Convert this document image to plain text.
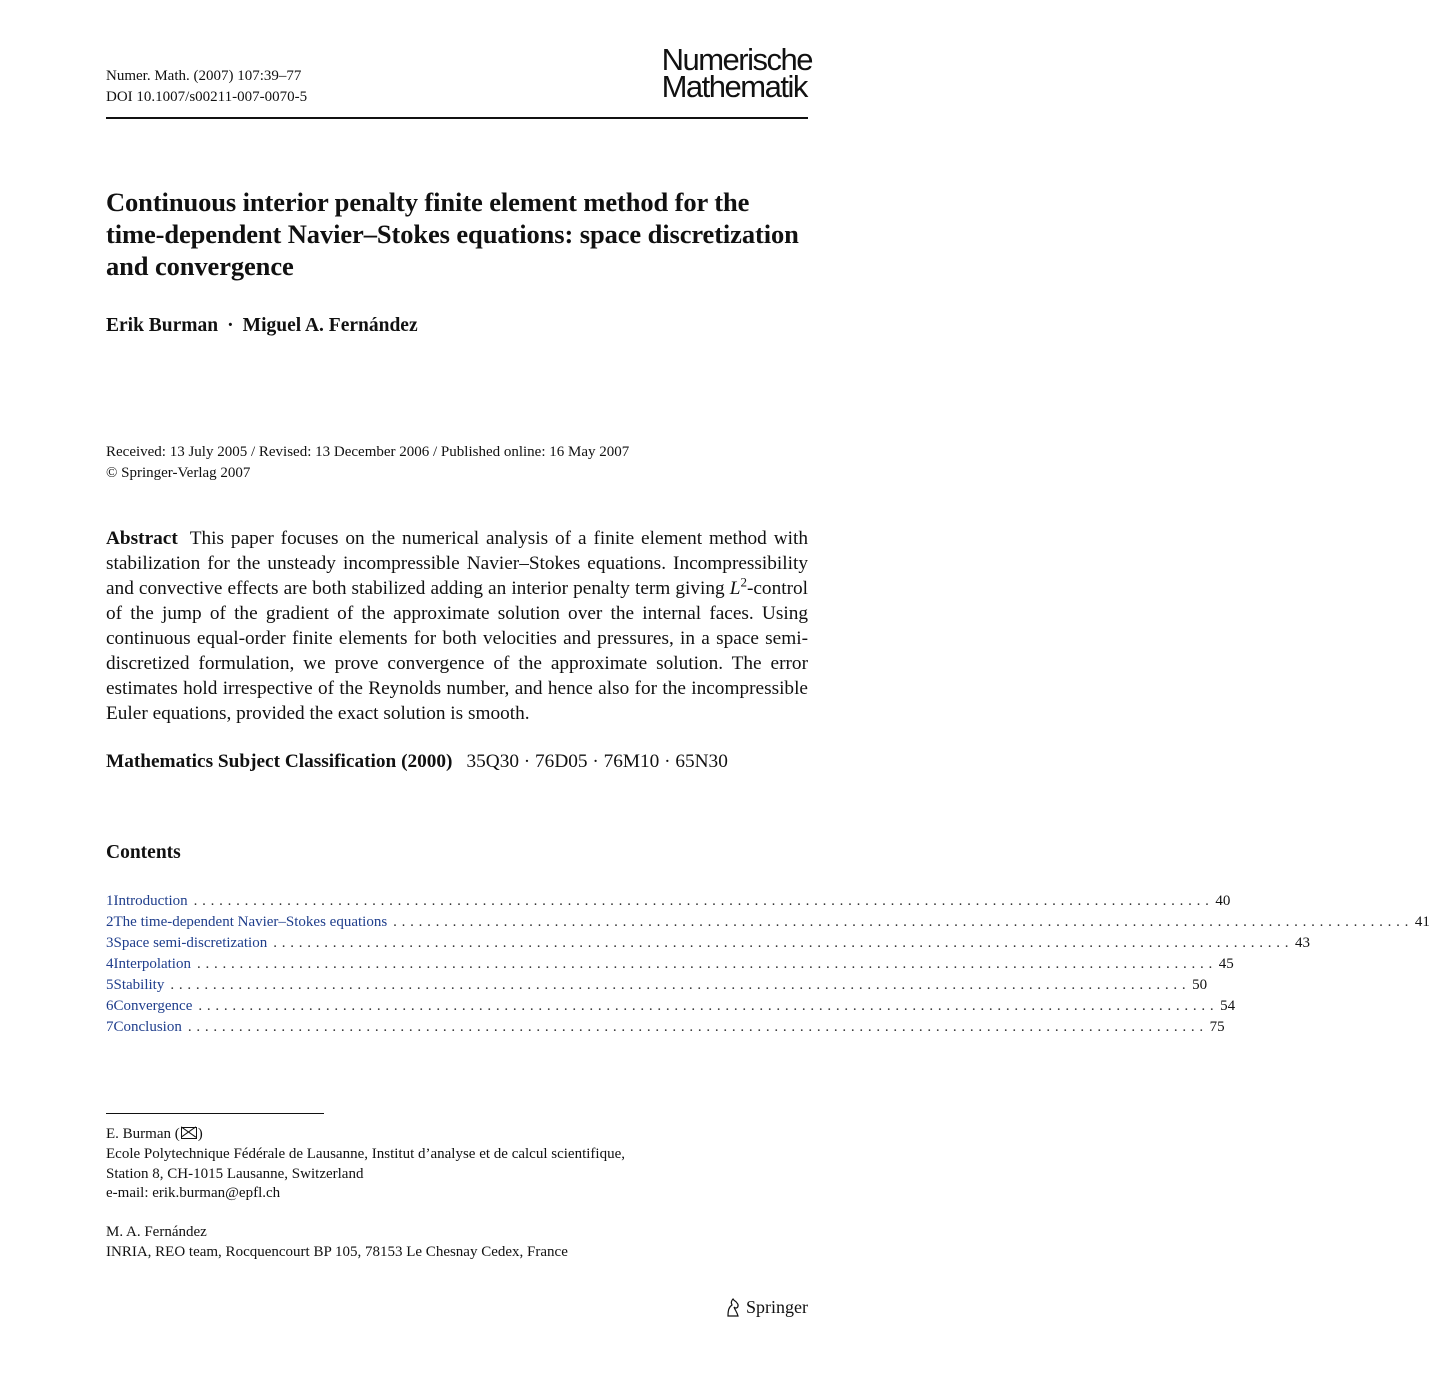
Numer. Math. (2007) 107:39–77
DOI 10.1007/s00211-007-0070-5
Numerische
Mathematik
Continuous interior penalty finite element method for the time-dependent Navier–Stokes equations: space discretization and convergence
Erik Burman · Miguel A. Fernández
Received: 13 July 2005 / Revised: 13 December 2006 / Published online: 16 May 2007
© Springer-Verlag 2007

Abstract This paper focuses on the numerical analysis of a finite element method with stabilization for the unsteady incompressible Navier–Stokes equations. Incompressibility and convective effects are both stabilized adding an interior penalty term giving $L^2$-control of the jump of the gradient of the approximate solution over the internal faces. Using continuous equal-order finite elements for both velocities and pressures, in a space semi-discretized formulation, we prove convergence of the approximate solution. The error estimates hold irrespective of the Reynolds number, and hence also for the incompressible Euler equations, provided the exact solution is smooth.

Mathematics Subject Classification (2000) 35Q30 · 76D05 · 76M10 · 65N30
Contents
1 Introduction . . . . . . . . . . . . . . . . . . . . . . . . . . . . . . . . . . . . . . . . . . . . . . . . . . . . . . . . . . . . . . . . . . . . . . . . . . . . . . . . . . . . . . . . . . . . . . . . . . . . . . . . . . . . . . . . . . . . . . . . 40
2 The time-dependent Navier–Stokes equations . . . . . . . . . . . . . . . . . . . . . . . . . . . . . . . . . . . . . . . . . . . . . . . . . . . . . . . . . . . . . . . . . . . . . . . . . . . . . . . . . . . . . . . . . . . . . . . . . . . . . . . . . . . . . . . . . . . . . . . . 41
3 Space semi-discretization . . . . . . . . . . . . . . . . . . . . . . . . . . . . . . . . . . . . . . . . . . . . . . . . . . . . . . . . . . . . . . . . . . . . . . . . . . . . . . . . . . . . . . . . . . . . . . . . . . . . . . . . . . . . . . . . . . . . . . . . 43
4 Interpolation . . . . . . . . . . . . . . . . . . . . . . . . . . . . . . . . . . . . . . . . . . . . . . . . . . . . . . . . . . . . . . . . . . . . . . . . . . . . . . . . . . . . . . . . . . . . . . . . . . . . . . . . . . . . . . . . . . . . . . . . 45
5 Stability . . . . . . . . . . . . . . . . . . . . . . . . . . . . . . . . . . . . . . . . . . . . . . . . . . . . . . . . . . . . . . . . . . . . . . . . . . . . . . . . . . . . . . . . . . . . . . . . . . . . . . . . . . . . . . . . . . . . . . . . 50
6 Convergence . . . . . . . . . . . . . . . . . . . . . . . . . . . . . . . . . . . . . . . . . . . . . . . . . . . . . . . . . . . . . . . . . . . . . . . . . . . . . . . . . . . . . . . . . . . . . . . . . . . . . . . . . . . . . . . . . . . . . . . . 54
7 Conclusion . . . . . . . . . . . . . . . . . . . . . . . . . . . . . . . . . . . . . . . . . . . . . . . . . . . . . . . . . . . . . . . . . . . . . . . . . . . . . . . . . . . . . . . . . . . . . . . . . . . . . . . . . . . . . . . . . . . . . . . . 75
E. Burman ( )
Ecole Polytechnique Fédérale de Lausanne, Institut d’analyse et de calcul scientifique,
Station 8, CH-1015 Lausanne, Switzerland
e-mail: erik.burman@epfl.ch
M. A. Fernández
INRIA, REO team, Rocquencourt BP 105, 78153 Le Chesnay Cedex, France
Springer
